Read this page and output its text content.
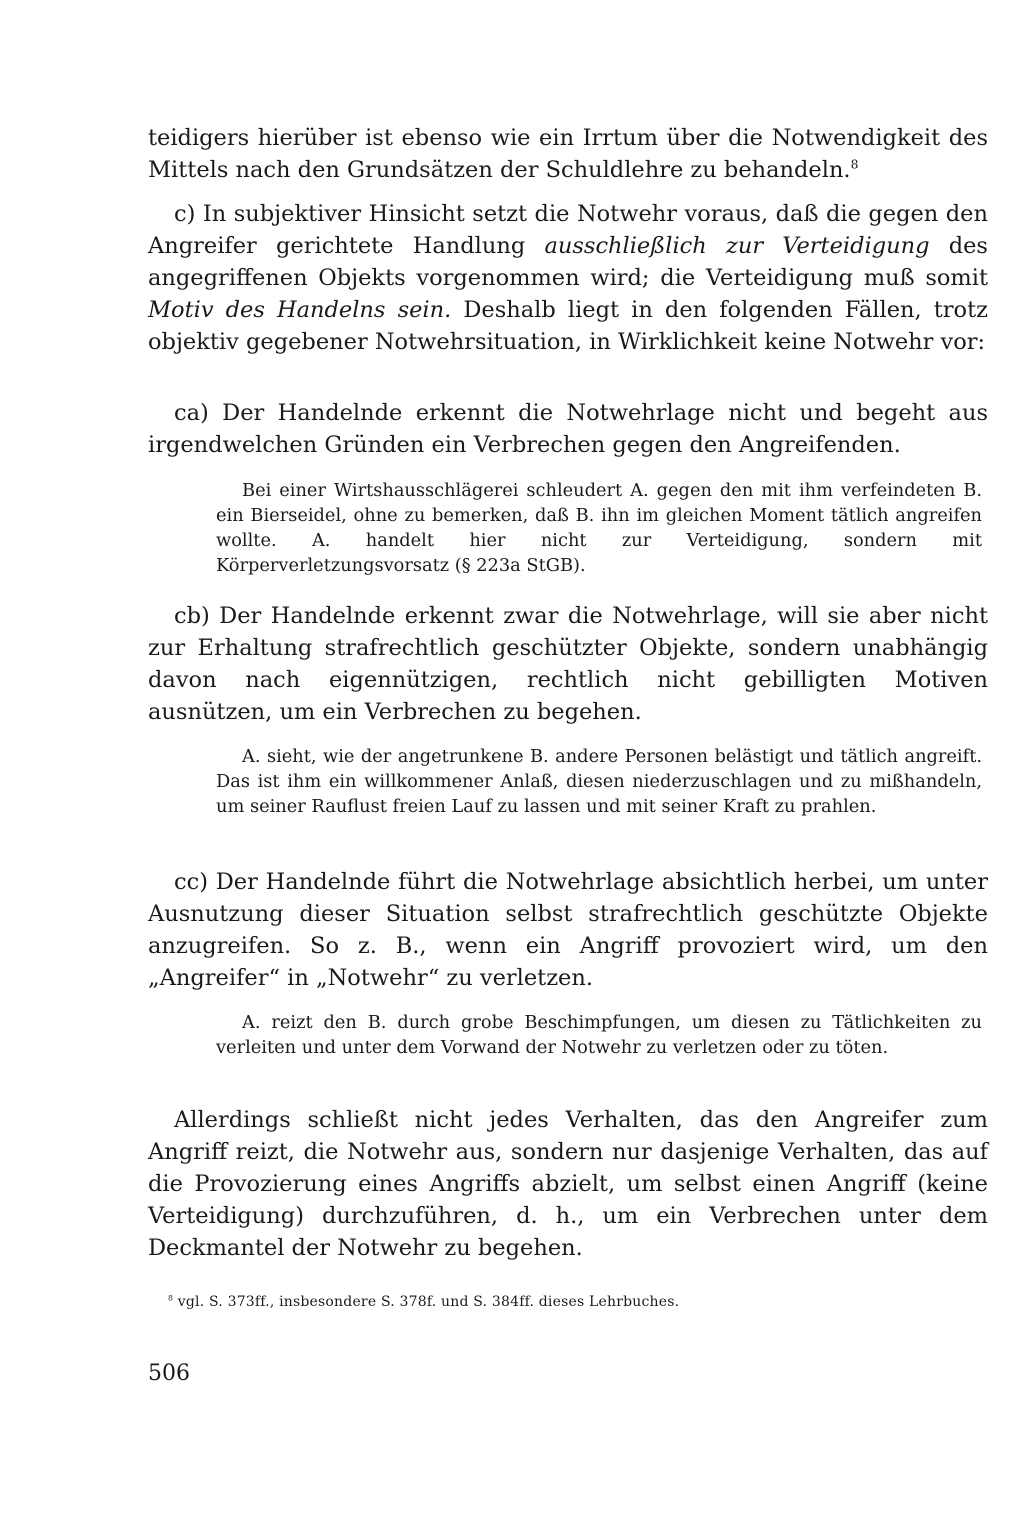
teidigers hierüber ist ebenso wie ein Irrtum über die Notwendigkeit des Mittels nach den Grundsätzen der Schuldlehre zu behandeln.$^8$

c) In subjektiver Hinsicht setzt die Notwehr voraus, daß die gegen den Angreifer gerichtete Handlung ausschließlich zur Verteidigung des angegriffenen Objekts vorgenommen wird; die Verteidigung muß somit Motiv des Handelns sein. Deshalb liegt in den folgenden Fällen, trotz objektiv gegebener Notwehrsituation, in Wirklichkeit keine Notwehr vor:

ca) Der Handelnde erkennt die Notwehrlage nicht und begeht aus irgendwelchen Gründen ein Verbrechen gegen den Angreifenden.

Bei einer Wirtshausschlägerei schleudert A. gegen den mit ihm verfeindeten B. ein Bierseidel, ohne zu bemerken, daß B. ihn im gleichen Moment tätlich angreifen wollte. A. handelt hier nicht zur Verteidigung, sondern mit Körperverletzungsvorsatz (§ 223a StGB).

cb) Der Handelnde erkennt zwar die Notwehrlage, will sie aber nicht zur Erhaltung strafrechtlich geschützter Objekte, sondern unabhängig davon nach eigennützigen, rechtlich nicht gebilligten Motiven ausnützen, um ein Verbrechen zu begehen.

A. sieht, wie der angetrunkene B. andere Personen belästigt und tätlich angreift. Das ist ihm ein willkommener Anlaß, diesen niederzuschlagen und zu mißhandeln, um seiner Rauflust freien Lauf zu lassen und mit seiner Kraft zu prahlen.

cc) Der Handelnde führt die Notwehrlage absichtlich herbei, um unter Ausnutzung dieser Situation selbst strafrechtlich geschützte Objekte anzugreifen. So z. B., wenn ein Angriff provoziert wird, um den „Angreifer“ in „Notwehr“ zu verletzen.

A. reizt den B. durch grobe Beschimpfungen, um diesen zu Tätlichkeiten zu verleiten und unter dem Vorwand der Notwehr zu verletzen oder zu töten.

Allerdings schließt nicht jedes Verhalten, das den Angreifer zum Angriff reizt, die Notwehr aus, sondern nur dasjenige Verhalten, das auf die Provozierung eines Angriffs abzielt, um selbst einen Angriff (keine Verteidigung) durchzuführen, d. h., um ein Verbrechen unter dem Deckmantel der Notwehr zu begehen.

$^8$ vgl. S. 373ff., insbesondere S. 378f. und S. 384ff. dieses Lehrbuches.

506
